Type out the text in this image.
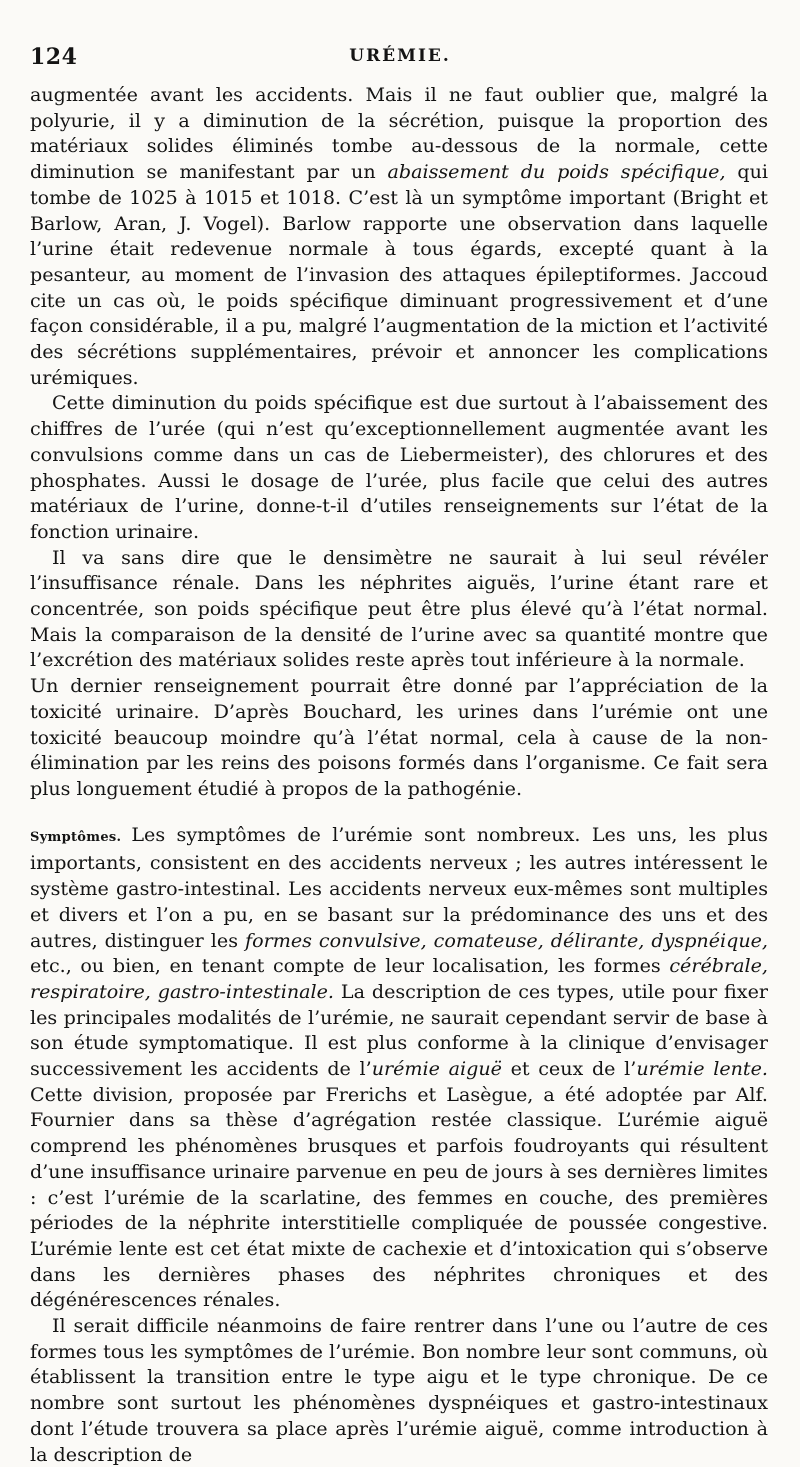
124	URÉMIE.

augmentée avant les accidents. Mais il ne faut oublier que, malgré la polyurie, il y a diminution de la sécrétion, puisque la proportion des matériaux solides éliminés tombe au-dessous de la normale, cette diminution se manifestant par un abaissement du poids spécifique, qui tombe de 1025 à 1015 et 1018. C’est là un symptôme important (Bright et Barlow, Aran, J. Vogel). Barlow rapporte une observation dans laquelle l’urine était redevenue normale à tous égards, excepté quant à la pesanteur, au moment de l’invasion des attaques épileptiformes. Jaccoud cite un cas où, le poids spécifique diminuant progressivement et d’une façon considérable, il a pu, malgré l’augmentation de la miction et l’activité des sécrétions supplémentaires, prévoir et annoncer les complications urémiques.

Cette diminution du poids spécifique est due surtout à l’abaissement des chiffres de l’urée (qui n’est qu’exceptionnellement augmentée avant les convulsions comme dans un cas de Liebermeister), des chlorures et des phosphates. Aussi le dosage de l’urée, plus facile que celui des autres matériaux de l’urine, donne-t-il d’utiles renseignements sur l’état de la fonction urinaire.

Il va sans dire que le densimètre ne saurait à lui seul révéler l’insuffisance rénale. Dans les néphrites aiguës, l’urine étant rare et concentrée, son poids spécifique peut être plus élevé qu’à l’état normal. Mais la comparaison de la densité de l’urine avec sa quantité montre que l’excrétion des matériaux solides reste après tout inférieure à la normale.

Un dernier renseignement pourrait être donné par l’appréciation de la toxicité urinaire. D’après Bouchard, les urines dans l’urémie ont une toxicité beaucoup moindre qu’à l’état normal, cela à cause de la non-élimination par les reins des poisons formés dans l’organisme. Ce fait sera plus longuement étudié à propos de la pathogénie.

Symptômes. Les symptômes de l’urémie sont nombreux. Les uns, les plus importants, consistent en des accidents nerveux ; les autres intéressent le système gastro-intestinal. Les accidents nerveux eux-mêmes sont multiples et divers et l’on a pu, en se basant sur la prédominance des uns et des autres, distinguer les formes convulsive, comateuse, délirante, dyspnéique, etc., ou bien, en tenant compte de leur localisation, les formes cérébrale, respiratoire, gastro-intestinale. La description de ces types, utile pour fixer les principales modalités de l’urémie, ne saurait cependant servir de base à son étude symptomatique. Il est plus conforme à la clinique d’envisager successivement les accidents de l’urémie aiguë et ceux de l’urémie lente. Cette division, proposée par Frerichs et Lasègue, a été adoptée par Alf. Fournier dans sa thèse d’agrégation restée classique. L’urémie aiguë comprend les phénomènes brusques et parfois foudroyants qui résultent d’une insuffisance urinaire parvenue en peu de jours à ses dernières limites : c’est l’urémie de la scarlatine, des femmes en couche, des premières périodes de la néphrite interstitielle compliquée de poussée congestive. L’urémie lente est cet état mixte de cachexie et d’intoxication qui s’observe dans les dernières phases des néphrites chroniques et des dégénérescences rénales.

Il serait difficile néanmoins de faire rentrer dans l’une ou l’autre de ces formes tous les symptômes de l’urémie. Bon nombre leur sont communs, où établissent la transition entre le type aigu et le type chronique. De ce nombre sont surtout les phénomènes dyspnéiques et gastro-intestinaux dont l’étude trouvera sa place après l’urémie aiguë, comme introduction à la description de
